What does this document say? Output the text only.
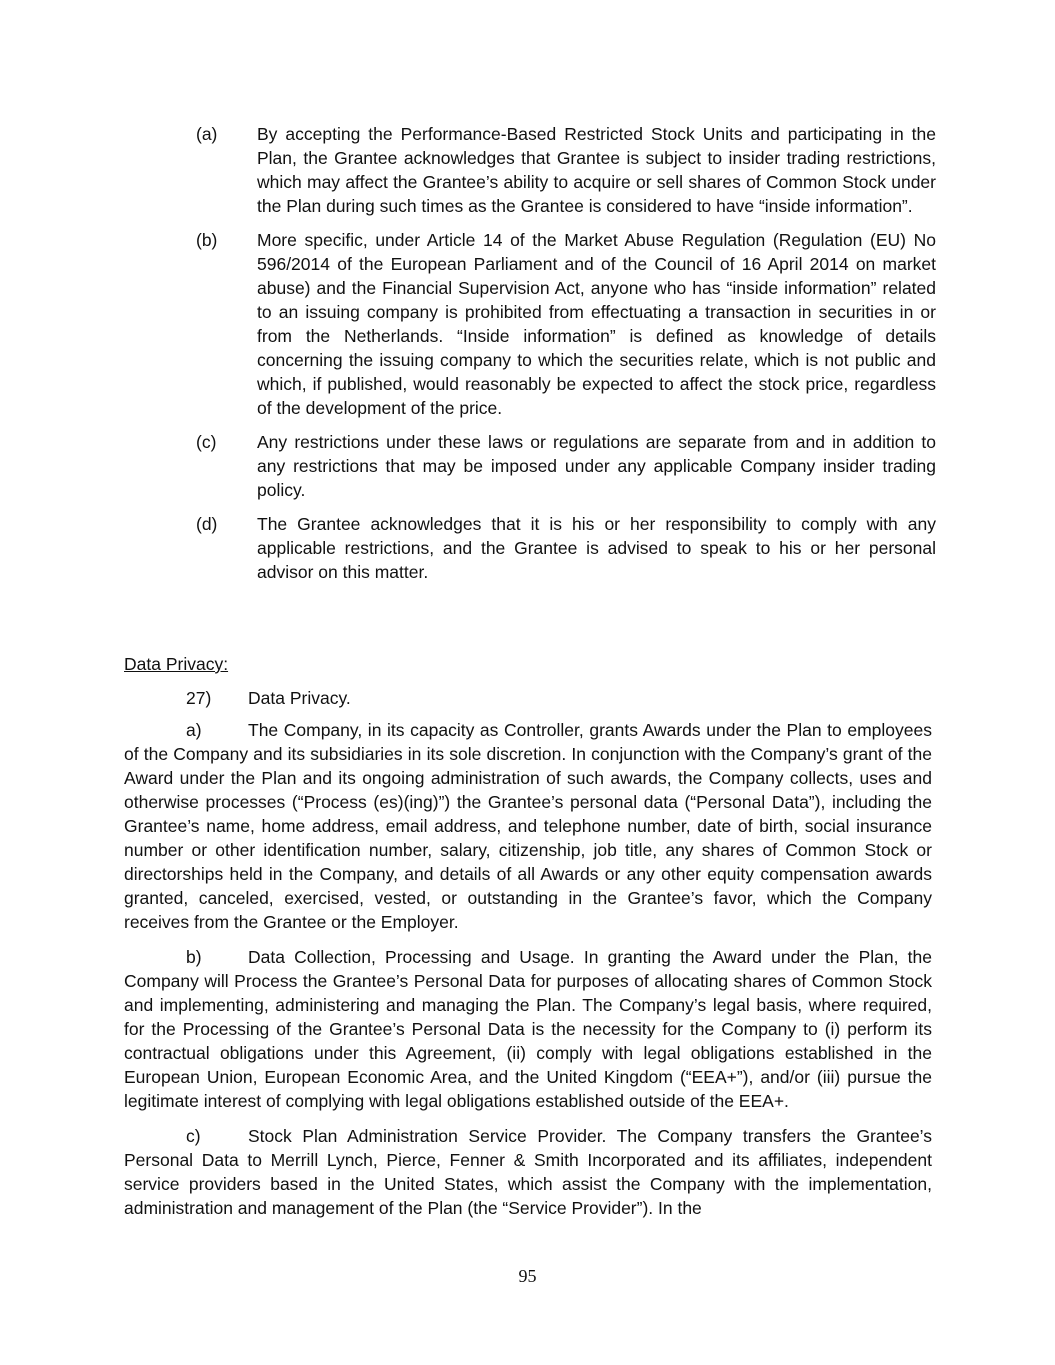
(a)	By accepting the Performance-Based Restricted Stock Units and participating in the Plan, the Grantee acknowledges that Grantee is subject to insider trading restrictions, which may affect the Grantee’s ability to acquire or sell shares of Common Stock under the Plan during such times as the Grantee is considered to have “inside information”.
(b)	More specific, under Article 14 of the Market Abuse Regulation (Regulation (EU) No 596/2014 of the European Parliament and of the Council of 16 April 2014 on market abuse) and the Financial Supervision Act, anyone who has “inside information” related to an issuing company is prohibited from effectuating a transaction in securities in or from the Netherlands. “Inside information” is defined as knowledge of details concerning the issuing company to which the securities relate, which is not public and which, if published, would reasonably be expected to affect the stock price, regardless of the development of the price.
(c)	Any restrictions under these laws or regulations are separate from and in addition to any restrictions that may be imposed under any applicable Company insider trading policy.
(d)	The Grantee acknowledges that it is his or her responsibility to comply with any applicable restrictions, and the Grantee is advised to speak to his or her personal advisor on this matter.
Data Privacy:
27) Data Privacy.

a)	The Company, in its capacity as Controller, grants Awards under the Plan to employees of the Company and its subsidiaries in its sole discretion. In conjunction with the Company’s grant of the Award under the Plan and its ongoing administration of such awards, the Company collects, uses and otherwise processes (“Process (es)(ing)”) the Grantee’s personal data (“Personal Data”), including the Grantee’s name, home address, email address, and telephone number, date of birth, social insurance number or other identification number, salary, citizenship, job title, any shares of Common Stock or directorships held in the Company, and details of all Awards or any other equity compensation awards granted, canceled, exercised, vested, or outstanding in the Grantee’s favor, which the Company receives from the Grantee or the Employer.

b)	Data Collection, Processing and Usage. In granting the Award under the Plan, the Company will Process the Grantee’s Personal Data for purposes of allocating shares of Common Stock and implementing, administering and managing the Plan. The Company’s legal basis, where required, for the Processing of the Grantee’s Personal Data is the necessity for the Company to (i) perform its contractual obligations under this Agreement, (ii) comply with legal obligations established in the European Union, European Economic Area, and the United Kingdom (“EEA+”), and/or (iii) pursue the legitimate interest of complying with legal obligations established outside of the EEA+.

c)	Stock Plan Administration Service Provider. The Company transfers the Grantee’s Personal Data to Merrill Lynch, Pierce, Fenner & Smith Incorporated and its affiliates, independent service providers based in the United States, which assist the Company with the implementation, administration and management of the Plan (the “Service Provider”). In the

95
